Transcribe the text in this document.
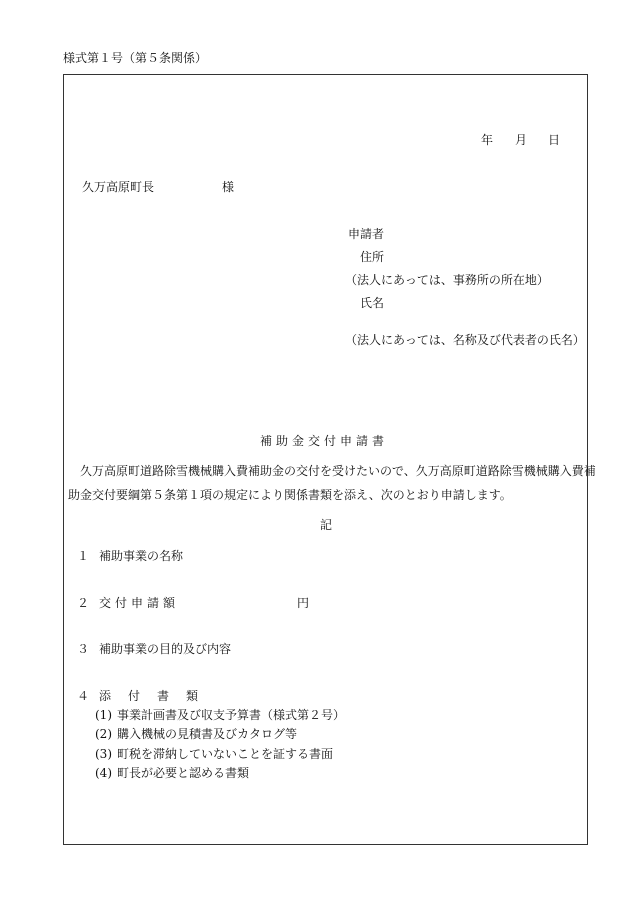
様式第１号（第５条関係）
年 月 日
久万高原町長	様
申請者
住所
（法人にあっては、事務所の所在地）
氏名
（法人にあっては、名称及び代表者の氏名）
補助金交付申請書
久万高原町道路除雪機械購入費補助金の交付を受けたいので、久万高原町道路除雪機械購入費補
助金交付要綱第５条第１項の規定により関係書類を添え、次のとおり申請します。
記
１ 補助事業の名称
２ 交付申請額	円
３ 補助事業の目的及び内容
４ 添付書類
(1) 事業計画書及び収支予算書（様式第２号）
(2) 購入機械の見積書及びカタログ等
(3) 町税を滞納していないことを証する書面
(4) 町長が必要と認める書類
